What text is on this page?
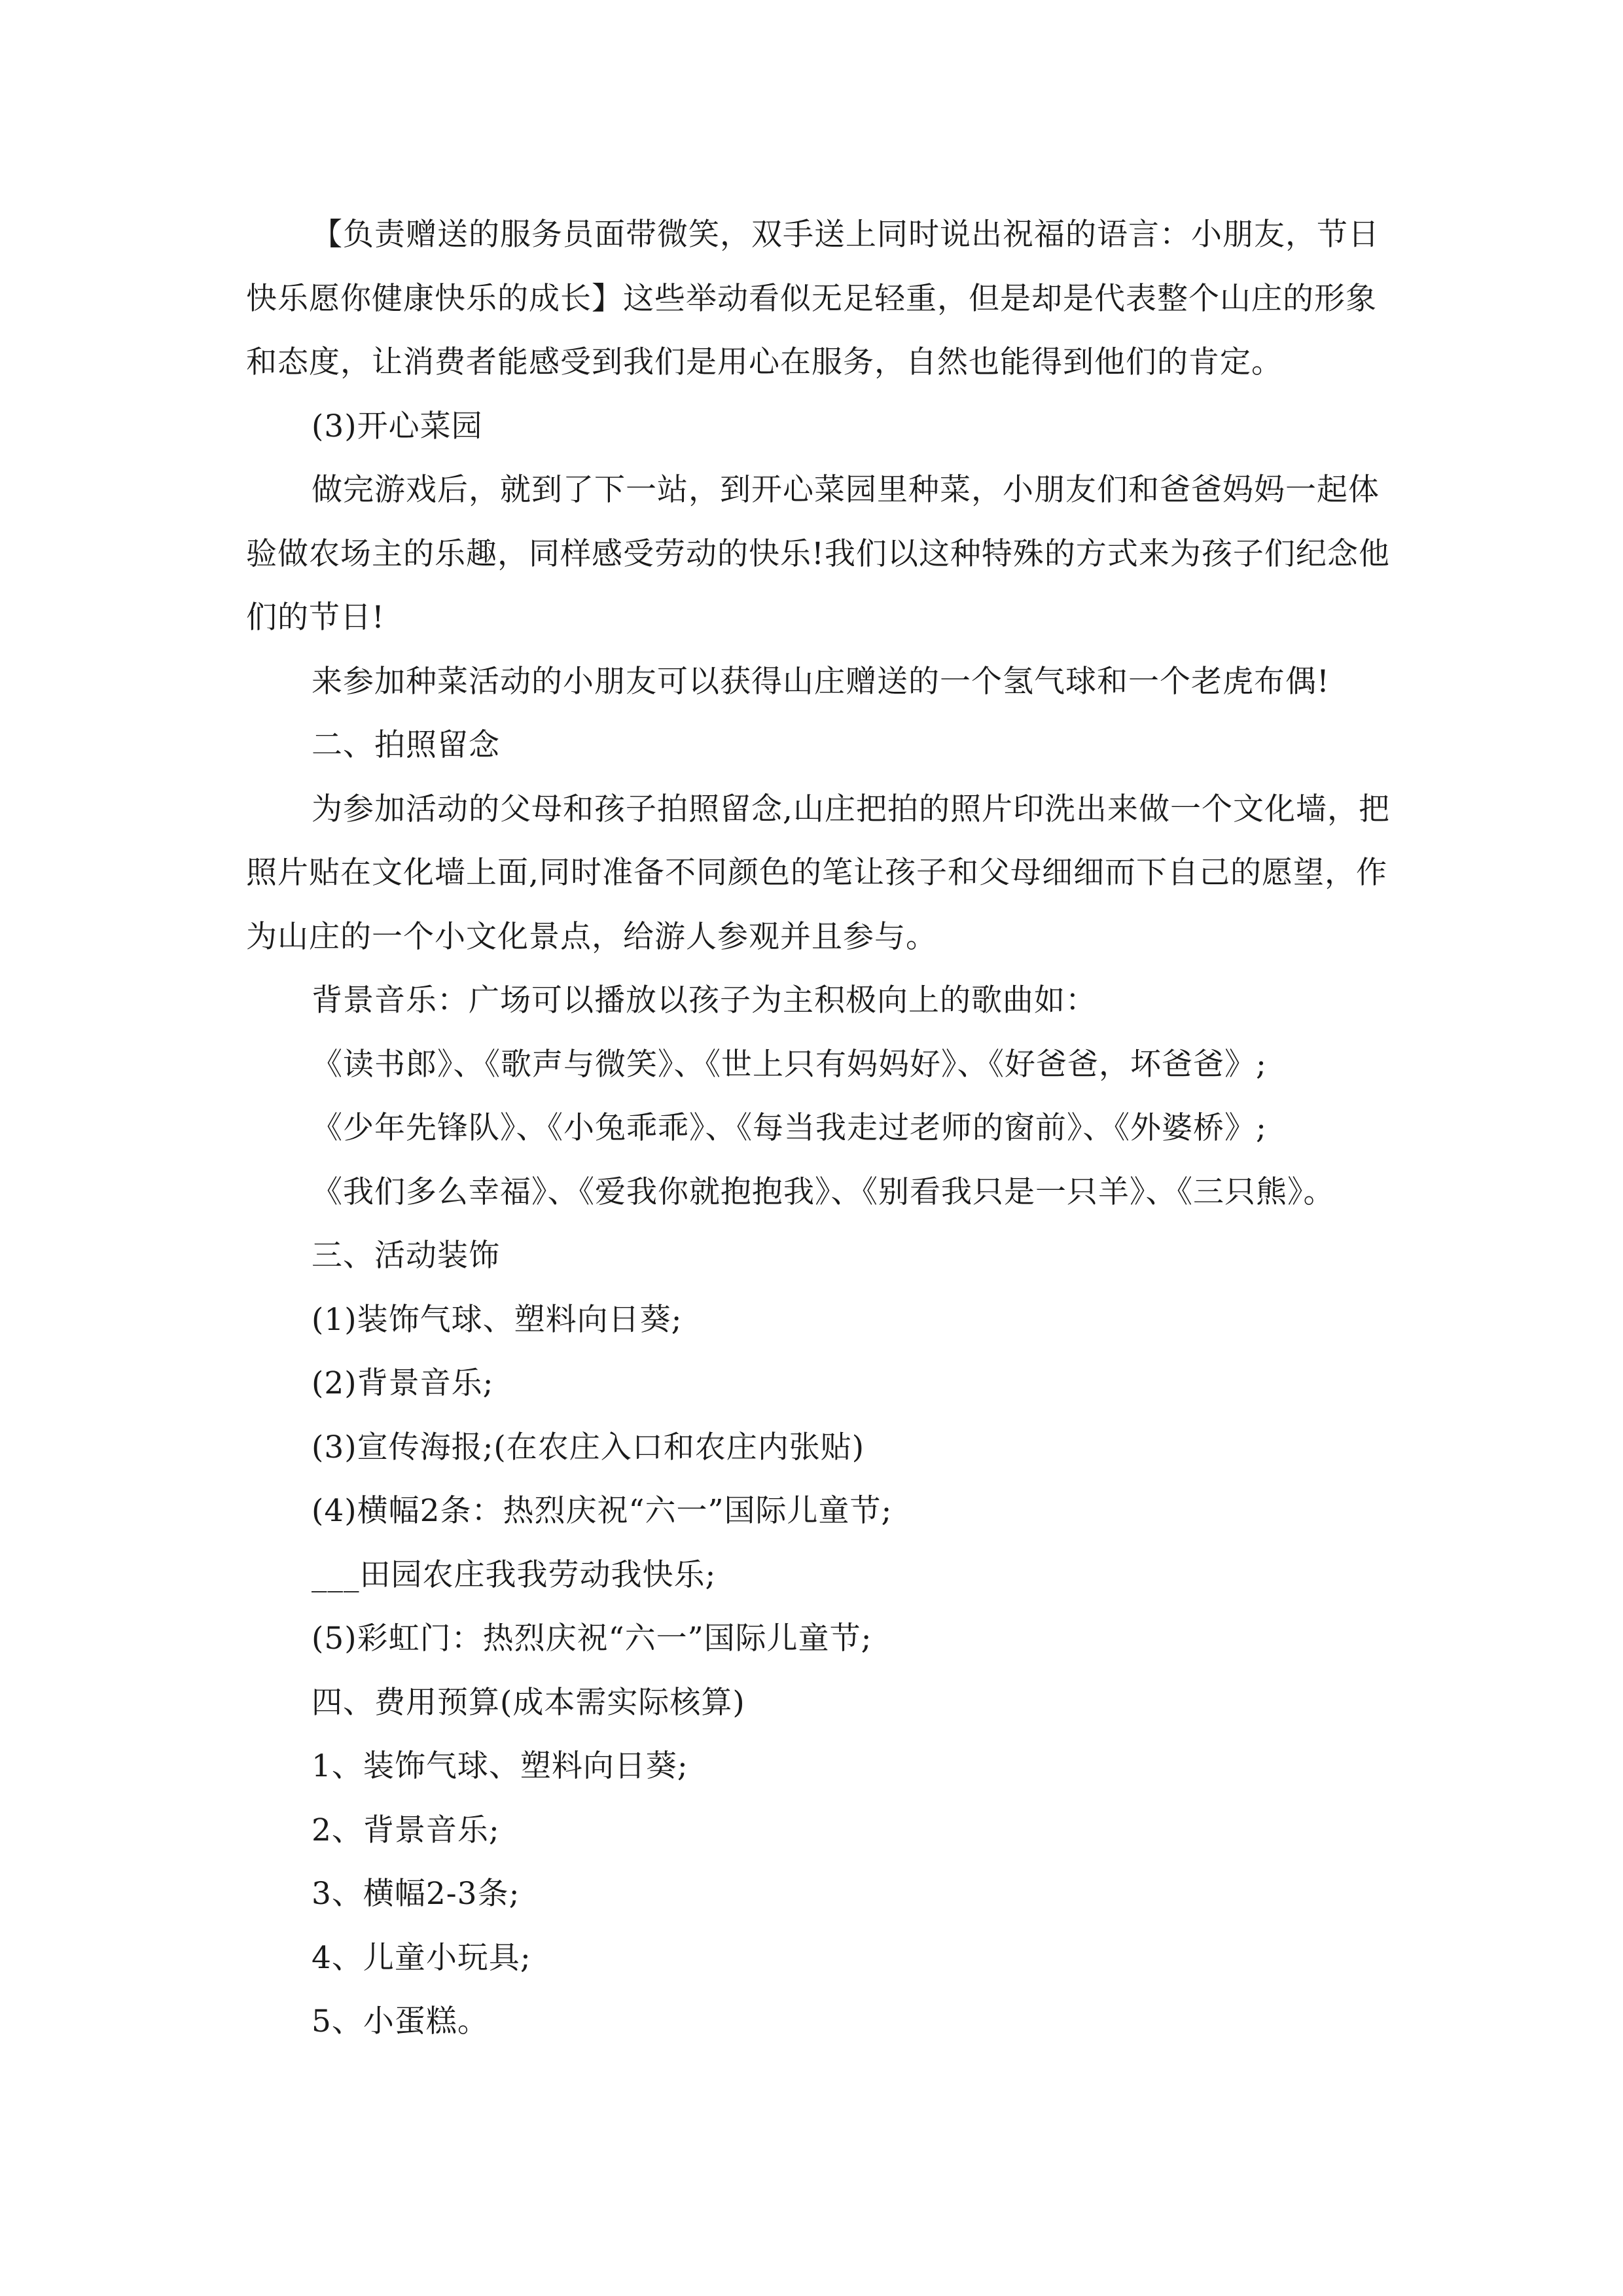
【负责赠送的服务员面带微笑，双手送上同时说出祝福的语言：小朋友，节日快乐愿你健康快乐的成长】这些举动看似无足轻重，但是却是代表整个山庄的形象和态度，让消费者能感受到我们是用心在服务，自然也能得到他们的肯定。

(3)开心菜园

做完游戏后，就到了下一站，到开心菜园里种菜，小朋友们和爸爸妈妈一起体验做农场主的乐趣，同样感受劳动的快乐!我们以这种特殊的方式来为孩子们纪念他们的节日!

来参加种菜活动的小朋友可以获得山庄赠送的一个氢气球和一个老虎布偶!

二、拍照留念

为参加活动的父母和孩子拍照留念,山庄把拍的照片印洗出来做一个文化墙，把照片贴在文化墙上面,同时准备不同颜色的笔让孩子和父母细细而下自己的愿望，作为山庄的一个小文化景点，给游人参观并且参与。

背景音乐：广场可以播放以孩子为主积极向上的歌曲如：

《读书郎》、《歌声与微笑》、《世上只有妈妈好》、《好爸爸，坏爸爸》;

《少年先锋队》、《小兔乖乖》、《每当我走过老师的窗前》、《外婆桥》;

《我们多么幸福》、《爱我你就抱抱我》、《别看我只是一只羊》、《三只熊》。

三、活动装饰

(1)装饰气球、塑料向日葵;

(2)背景音乐;

(3)宣传海报;(在农庄入口和农庄内张贴)

(4)横幅2条：热烈庆祝“六一”国际儿童节;

___田园农庄我我劳动我快乐;

(5)彩虹门：热烈庆祝“六一”国际儿童节;

四、费用预算(成本需实际核算)

1、装饰气球、塑料向日葵;

2、背景音乐;

3、横幅2-3条;

4、儿童小玩具;

5、小蛋糕。
